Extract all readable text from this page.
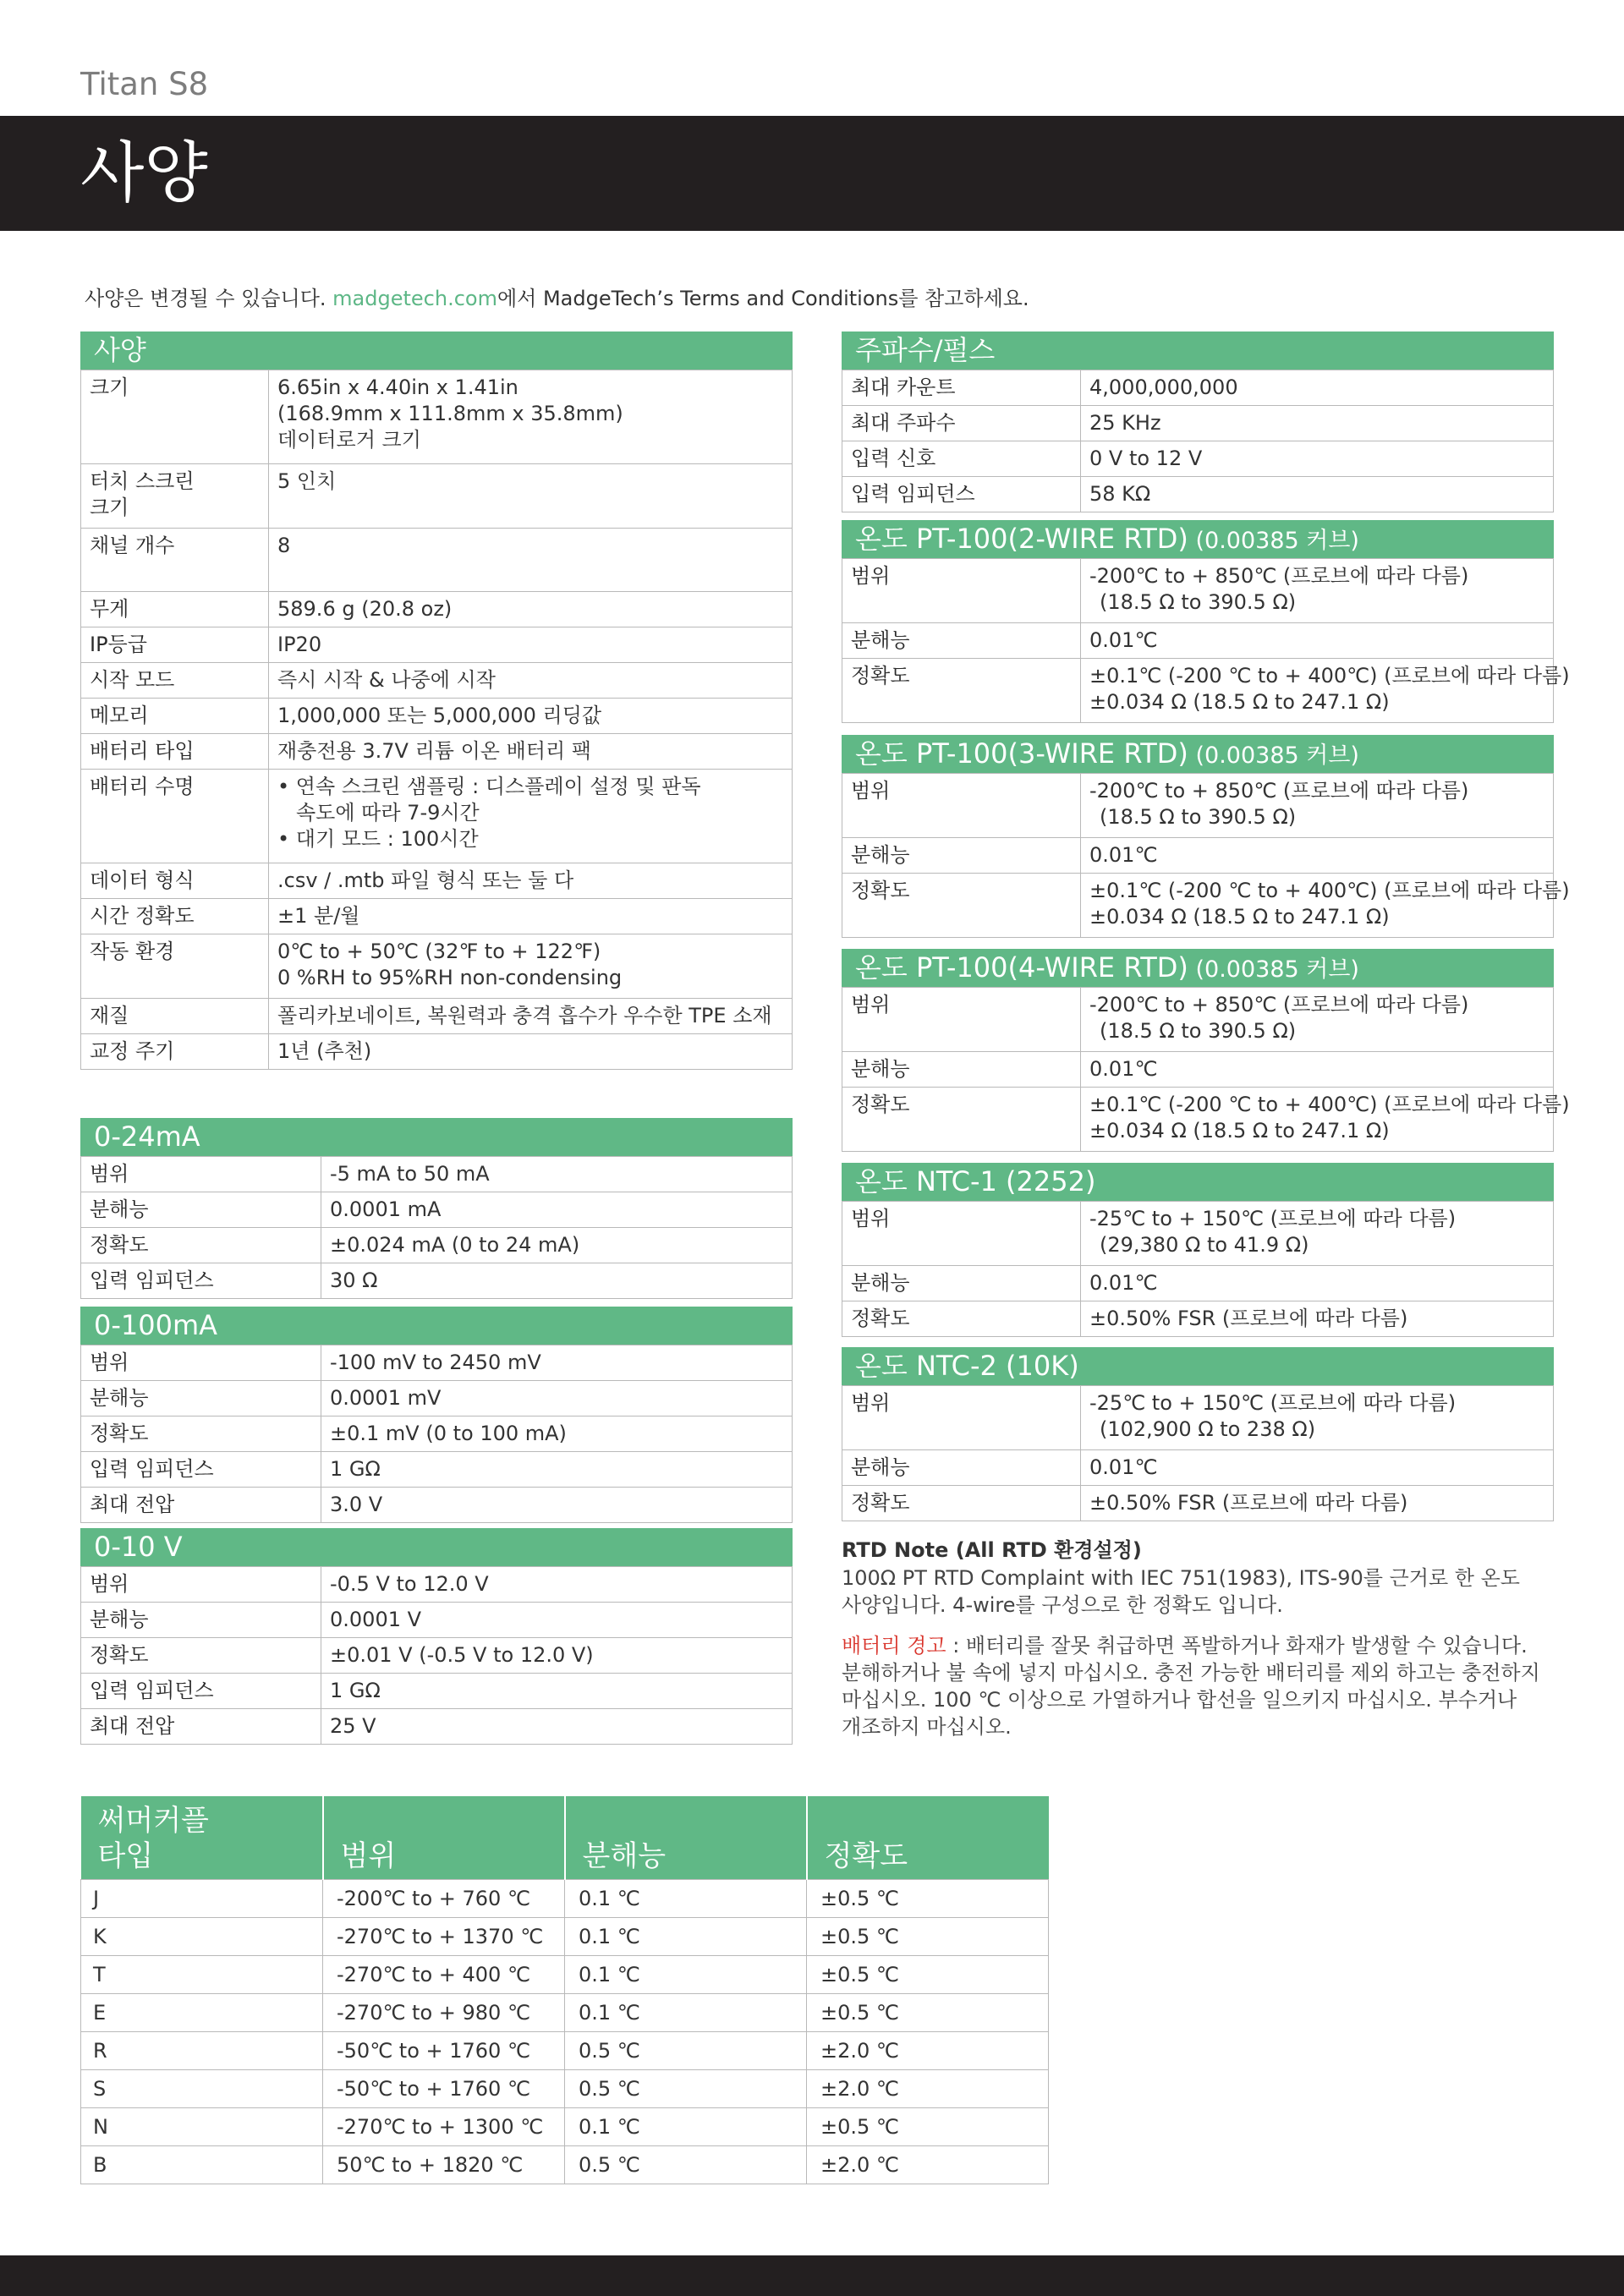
Titan S8
사양
사양은 변경될 수 있습니다. madgetech.com에서 MadgeTech’s Terms and Conditions를 참고하세요.
사양
크기	6.65in x 4.40in x 1.41in
(168.9mm x 111.8mm x 35.8mm)
데이터로거 크기

터치 스크린
크기	5 인치
채널 개수	8
무게	589.6 g (20.8 oz)
IP등급	IP20
시작 모드	즉시 시작 & 나중에 시작
메모리	1,000,000 또는 5,000,000 리딩값
배터리 타입	재충전용 3.7V 리튬 이온 배터리 팩
배터리 수명	• 연속 스크린 샘플링 : 디스플레이 설정 및 판독
속도에 따라 7-9시간
• 대기 모드 : 100시간

데이터 형식	.csv / .mtb 파일 형식 또는 둘 다
시간 정확도	±1 분/월
작동 환경	0℃ to + 50℃ (32℉ to + 122℉)
0 %RH to 95%RH non-condensing

재질	폴리카보네이트, 복원력과 충격 흡수가 우수한 TPE 소재
교정 주기	1년 (추천)
0-24mA
범위	-5 mA to 50 mA
분해능	0.0001 mA
정확도	±0.024 mA (0 to 24 mA)
입력 임피던스	30 Ω
0-100mA
범위	-100 mV to 2450 mV
분해능	0.0001 mV
정확도	±0.1 mV (0 to 100 mA)
입력 임피던스	1 GΩ
최대 전압	3.0 V
0-10 V
범위	-0.5 V to 12.0 V
분해능	0.0001 V
정확도	±0.01 V (-0.5 V to 12.0 V)
입력 임피던스	1 GΩ
최대 전압	25 V
주파수/펄스
최대 카운트	4,000,000,000
최대 주파수	25 KHz
입력 신호	0 V to 12 V
입력 임피던스	58 KΩ
온도 PT-100(2-WIRE RTD) (0.00385 커브)
범위	-200℃ to + 850℃ (프로브에 따라 다름)
(18.5 Ω to 390.5 Ω)

분해능	0.01℃
정확도	±0.1℃ (-200 ℃ to + 400℃) (프로브에 따라 다름)
±0.034 Ω (18.5 Ω to 247.1 Ω)
온도 PT-100(3-WIRE RTD) (0.00385 커브)
범위	-200℃ to + 850℃ (프로브에 따라 다름)
(18.5 Ω to 390.5 Ω)

분해능	0.01℃
정확도	±0.1℃ (-200 ℃ to + 400℃) (프로브에 따라 다름)
±0.034 Ω (18.5 Ω to 247.1 Ω)
온도 PT-100(4-WIRE RTD) (0.00385 커브)
범위	-200℃ to + 850℃ (프로브에 따라 다름)
(18.5 Ω to 390.5 Ω)

분해능	0.01℃
정확도	±0.1℃ (-200 ℃ to + 400℃) (프로브에 따라 다름)
±0.034 Ω (18.5 Ω to 247.1 Ω)
온도 NTC-1 (2252)
범위	-25℃ to + 150℃ (프로브에 따라 다름)
(29,380 Ω to 41.9 Ω)

분해능	0.01℃
정확도	±0.50% FSR (프로브에 따라 다름)
온도 NTC-2 (10K)
범위	-25℃ to + 150℃ (프로브에 따라 다름)
(102,900 Ω to 238 Ω)

분해능	0.01℃
정확도	±0.50% FSR (프로브에 따라 다름)
RTD Note (All RTD 환경설정)
100Ω PT RTD Complaint with IEC 751(1983), ITS-90를 근거로 한 온도
사양입니다. 4-wire를 구성으로 한 정확도 입니다.
배터리 경고 : 배터리를 잘못 취급하면 폭발하거나 화재가 발생할 수 있습니다.
분해하거나 불 속에 넣지 마십시오. 충전 가능한 배터리를 제외 하고는 충전하지
마십시오. 100 ℃ 이상으로 가열하거나 합선을 일으키지 마십시오. 부수거나
개조하지 마십시오.
써머커플
타입	범위	분해능	정확도
J	-200℃ to + 760 ℃	0.1 ℃	±0.5 ℃
K	-270℃ to + 1370 ℃	0.1 ℃	±0.5 ℃
T	-270℃ to + 400 ℃	0.1 ℃	±0.5 ℃
E	-270℃ to + 980 ℃	0.1 ℃	±0.5 ℃
R	-50℃ to + 1760 ℃	0.5 ℃	±2.0 ℃
S	-50℃ to + 1760 ℃	0.5 ℃	±2.0 ℃
N	-270℃ to + 1300 ℃	0.1 ℃	±0.5 ℃
B	50℃ to + 1820 ℃	0.5 ℃	±2.0 ℃
